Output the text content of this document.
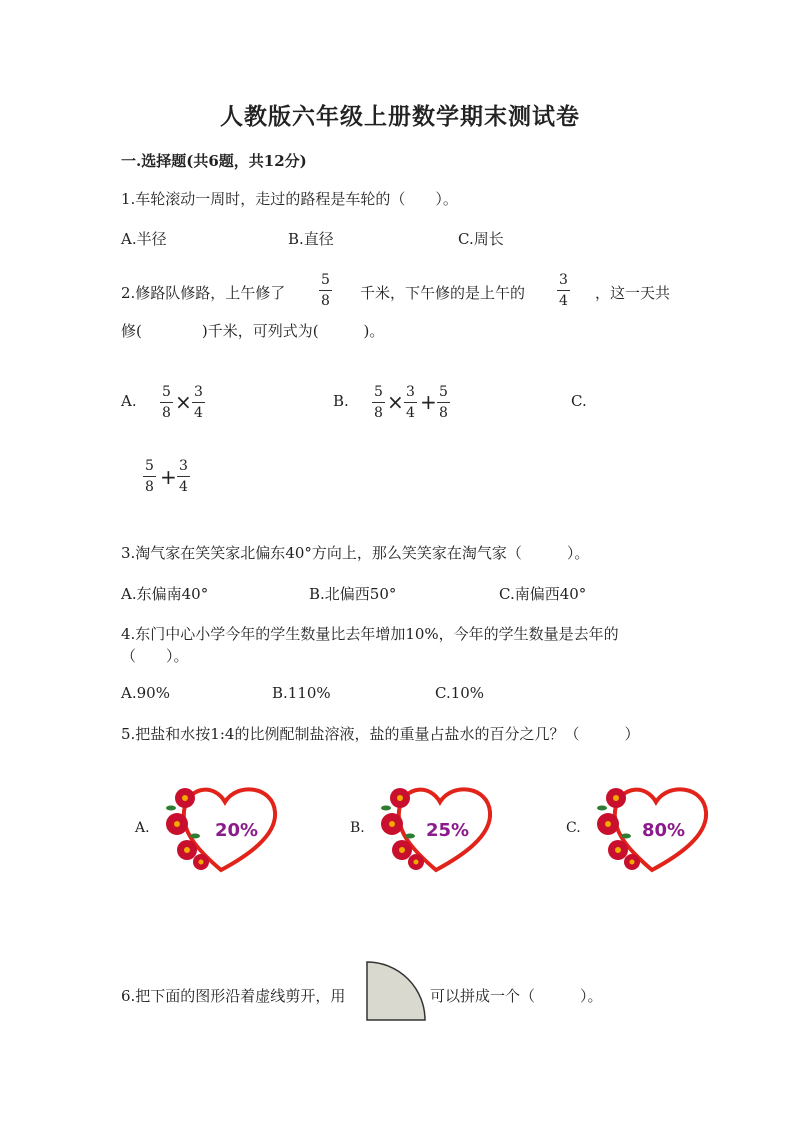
人教版六年级上册数学期末测试卷
一.选择题(共6题，共12分)
1.车轮滚动一周时，走过的路程是车轮的（　　）。
A.半径	B.直径	C.周长
2.修路队修路，上午修了
5
8 千米，下午修的是上午的
3
4 ，这一天共
修(　　　　)千米，可列式为(　　　)。
A. 5
8 × 3
4
B. 5
8 × 3
4 + 5
8
C.
5
8 + 3
4
3.淘气家在笑笑家北偏东40°方向上，那么笑笑家在淘气家（　　　）。
A.东偏南40°	B.北偏西50°	C.南偏西40°
4.东门中心小学今年的学生数量比去年增加10%，今年的学生数量是去年的
（　　）。
A.90%	B.110%	C.10%
5.把盐和水按1:4的比例配制盐溶液，盐的重量占盐水的百分之几？（　　　）
A.	20%	B.	25%	C.	80%
6.把下面的图形沿着虚线剪开，用	可以拼成一个（　　　）。
